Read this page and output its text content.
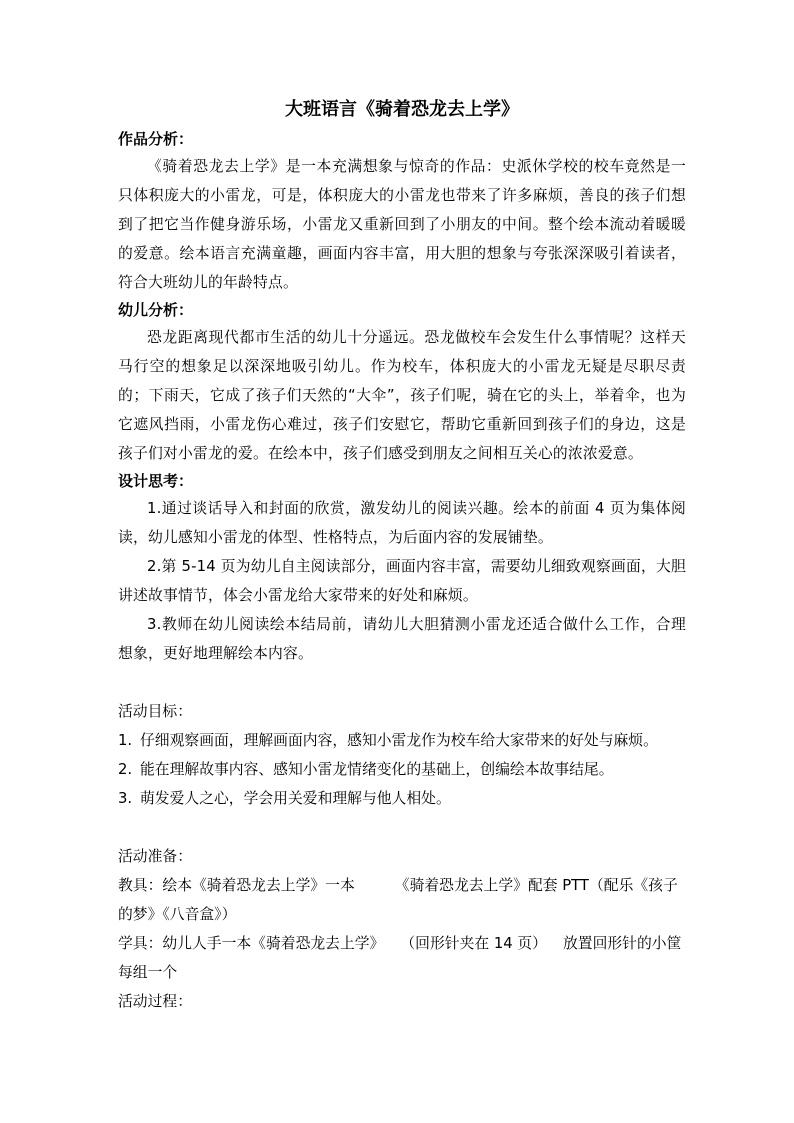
大班语言《骑着恐龙去上学》

作品分析：

《骑着恐龙去上学》是一本充满想象与惊奇的作品：史派休学校的校车竟然是一只体积庞大的小雷龙，可是，体积庞大的小雷龙也带来了许多麻烦，善良的孩子们想到了把它当作健身游乐场，小雷龙又重新回到了小朋友的中间。整个绘本流动着暖暖的爱意。绘本语言充满童趣，画面内容丰富，用大胆的想象与夸张深深吸引着读者，符合大班幼儿的年龄特点。

幼儿分析：

恐龙距离现代都市生活的幼儿十分遥远。恐龙做校车会发生什么事情呢？这样天马行空的想象足以深深地吸引幼儿。作为校车，体积庞大的小雷龙无疑是尽职尽责的；下雨天，它成了孩子们天然的“大伞”，孩子们呢，骑在它的头上，举着伞，也为它遮风挡雨，小雷龙伤心难过，孩子们安慰它，帮助它重新回到孩子们的身边，这是孩子们对小雷龙的爱。在绘本中，孩子们感受到朋友之间相互关心的浓浓爱意。

设计思考：

1.通过谈话导入和封面的欣赏，激发幼儿的阅读兴趣。绘本的前面 4 页为集体阅读，幼儿感知小雷龙的体型、性格特点，为后面内容的发展铺垫。

2.第 5-14 页为幼儿自主阅读部分，画面内容丰富，需要幼儿细致观察画面，大胆讲述故事情节，体会小雷龙给大家带来的好处和麻烦。

3.教师在幼儿阅读绘本结局前，请幼儿大胆猜测小雷龙还适合做什么工作，合理想象，更好地理解绘本内容。

活动目标：

1. 仔细观察画面，理解画面内容，感知小雷龙作为校车给大家带来的好处与麻烦。
2. 能在理解故事内容、感知小雷龙情绪变化的基础上，创编绘本故事结尾。
3. 萌发爱人之心，学会用关爱和理解与他人相处。

活动准备：

教具：绘本《骑着恐龙去上学》一本	《骑着恐龙去上学》配套 PTT（配乐《孩子的梦》《八音盒》）

学具：幼儿人手一本《骑着恐龙去上学》 （回形针夹在 14 页） 放置回形针的小筐每组一个

活动过程：
